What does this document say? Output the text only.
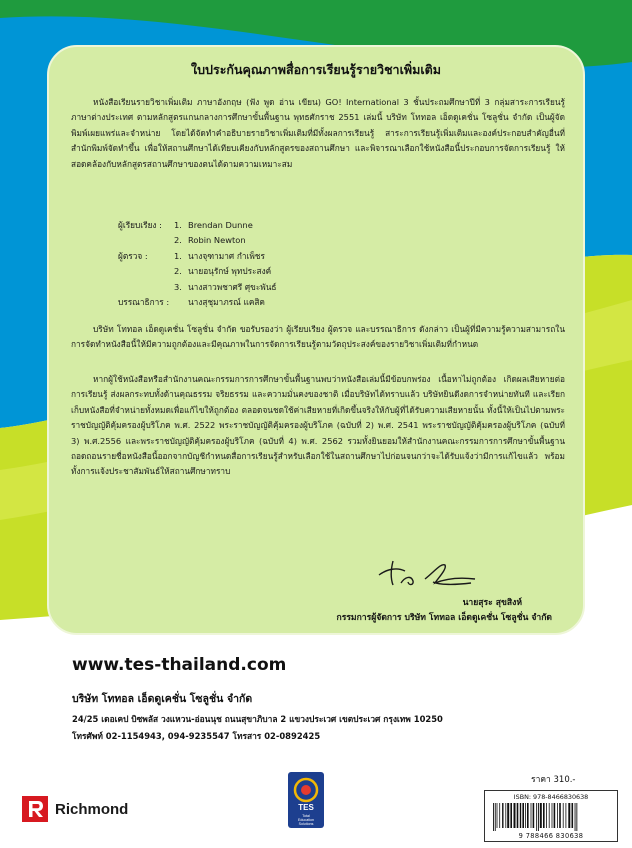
ใบประกันคุณภาพสื่อการเรียนรู้รายวิชาเพิ่มเติม

หนังสือเรียนรายวิชาเพิ่มเติม ภาษาอังกฤษ (ฟัง พูด อ่าน เขียน) GO! International 3 ชั้นประถมศึกษาปีที่ 3 กลุ่มสาระการเรียนรู้ภาษาต่างประเทศ ตามหลักสูตรแกนกลางการศึกษาขั้นพื้นฐาน พุทธศักราช 2551 เล่มนี้ บริษัท โททอล เอ็ดดูเคชั่น โซลูชั่น จำกัด เป็นผู้จัดพิมพ์เผยแพร่และจำหน่าย โดยได้จัดทำคำอธิบายรายวิชาเพิ่มเติมที่มีทั้งผลการเรียนรู้ สาระการเรียนรู้เพิ่มเติมและองค์ประกอบสำคัญอื่นที่สำนักพิมพ์จัดทำขึ้น เพื่อให้สถานศึกษาได้เทียบเคียงกับหลักสูตรของสถานศึกษา และพิจารณาเลือกใช้หนังสือนี้ประกอบการจัดการเรียนรู้ ให้สอดคล้องกับหลักสูตรสถานศึกษาของตนได้ตามความเหมาะสม

ผู้เรียบเรียง :	1. Brendan Dunne
2. Robin Newton
ผู้ตรวจ :	1. นางจุฑามาศ กำเพ็ชร
2. นายอนุรักษ์ พุทประสงค์
3. นางสาวพชาศรี ศุขะพันธ์
บรรณาธิการ :	นางสุชุมาภรณ์ แคสิค

บริษัท โททอล เอ็ดดูเคชั่น โซลูชั่น จำกัด ขอรับรองว่า ผู้เรียบเรียง ผู้ตรวจ และบรรณาธิการ ดังกล่าว เป็นผู้ที่มีความรู้ความสามารถในการจัดทำหนังสือนี้ให้มีความถูกต้องและมีคุณภาพในการจัดการเรียนรู้ตามวัตถุประสงค์ของรายวิชาเพิ่มเติมที่กำหนด

หากผู้ใช้หนังสือหรือสำนักงานคณะกรรมการการศึกษาขั้นพื้นฐานพบว่าหนังสือเล่มนี้มีข้อบกพร่อง เนื้อหาไม่ถูกต้อง เกิดผลเสียหายต่อการเรียนรู้ ส่งผลกระทบทั้งด้านคุณธรรม จริยธรรม และความมั่นคงของชาติ เมื่อบริษัทได้ทราบแล้ว บริษัทยินดีงดการจำหน่ายทันที และเรียกเก็บหนังสือที่จำหน่ายทั้งหมดเพื่อแก้ไขให้ถูกต้อง ตลอดจนชดใช้ค่าเสียหายที่เกิดขึ้นจริงให้กับผู้ที่ได้รับความเสียหายนั้น ทั้งนี้ให้เป็นไปตามพระราชบัญญัติคุ้มครองผู้บริโภค พ.ศ. 2522 พระราชบัญญัติคุ้มครองผู้บริโภค (ฉบับที่ 2) พ.ศ. 2541 พระราชบัญญัติคุ้มครองผู้บริโภค (ฉบับที่ 3) พ.ศ.2556 และพระราชบัญญัติคุ้มครองผู้บริโภค (ฉบับที่ 4) พ.ศ. 2562 รวมทั้งยินยอมให้สำนักงานคณะกรรมการการศึกษาขั้นพื้นฐานถอดถอนรายชื่อหนังสือนี้ออกจากบัญชีกำหนดสื่อการเรียนรู้สำหรับเลือกใช้ในสถานศึกษาไปก่อนจนกว่าจะได้รับแจ้งว่ามีการแก้ไขแล้ว พร้อมทั้งการแจ้งประชาสัมพันธ์ให้สถานศึกษาทราบ

นายสุระ สุขสิงห์
กรรมการผู้จัดการ บริษัท โททอล เอ็ดดูเคชั่น โซลูชั่น จำกัด
www.tes-thailand.com
บริษัท โททอล เอ็ดดูเคชั่น โซลูชั่น จำกัด
24/25 เดอเคป บิซพลัส วงแหวน-อ่อนนุช ถนนสุขาภิบาล 2 แขวงประเวศ เขตประเวศ กรุงเทพ 10250
โทรศัพท์ 02-1154943, 094-9235547 โทรสาร 02-0892425
Richmond	TES
Total
Education
Solutions
ราคา 310.-
ISBN: 978-8466830638
9 788466 830638
